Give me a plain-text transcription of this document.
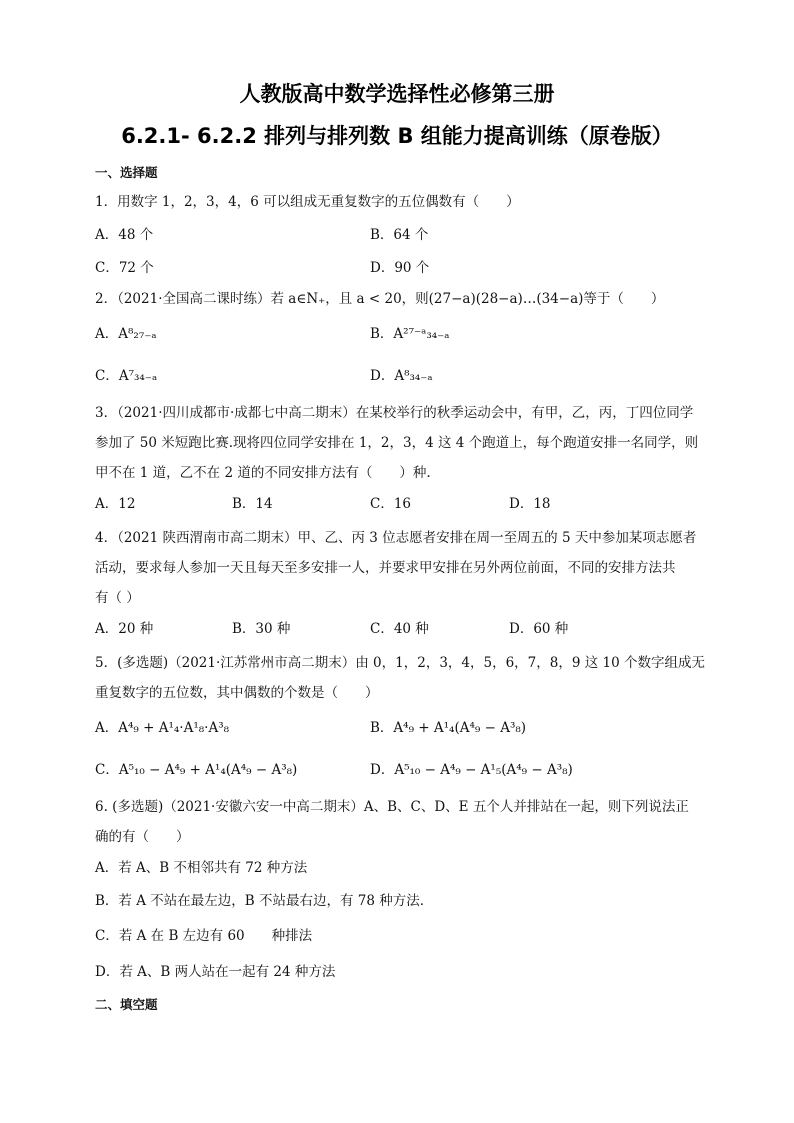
人教版高中数学选择性必修第三册
6.2.1- 6.2.2 排列与排列数 B 组能力提高训练（原卷版）
一、选择题
1．用数字 1，2，3，4，6 可以组成无重复数字的五位偶数有（　　）
A．48 个	B．64 个
C．72 个	D．90 个
2．（2021·全国高二课时练）若 a∈N₊，且 a < 20，则(27−a)(28−a)…(34−a)等于（　　）
A．A⁸₂₇₋ₐ	B．A²⁷⁻ᵃ₃₄₋ₐ
C．A⁷₃₄₋ₐ	D．A⁸₃₄₋ₐ
3．（2021·四川成都市·成都七中高二期末）在某校举行的秋季运动会中，有甲，乙，丙，丁四位同学
参加了 50 米短跑比赛.现将四位同学安排在 1，2，3，4 这 4 个跑道上，每个跑道安排一名同学，则
甲不在 1 道，乙不在 2 道的不同安排方法有（　　）种.
A．12	B．14	C．16	D．18
4．（2021 陕西渭南市高二期末）甲、乙、丙 3 位志愿者安排在周一至周五的 5 天中参加某项志愿者
活动，要求每人参加一天且每天至多安排一人，并要求甲安排在另外两位前面，不同的安排方法共
有（ ）
A．20 种	B．30 种	C．40 种	D．60 种
5．(多选题)（2021·江苏常州市高二期末）由 0，1，2，3，4，5，6，7，8，9 这 10 个数字组成无
重复数字的五位数，其中偶数的个数是（　　）
A．A⁴₉ + A¹₄·A¹₈·A³₈	B．A⁴₉ + A¹₄(A⁴₉ − A³₈)
C．A⁵₁₀ − A⁴₉ + A¹₄(A⁴₉ − A³₈)	D．A⁵₁₀ − A⁴₉ − A¹₅(A⁴₉ − A³₈)
6. (多选题)（2021·安徽六安一中高二期末）A、B、C、D、E 五个人并排站在一起，则下列说法正
确的有（　　）
A．若 A、B 不相邻共有 72 种方法
B．若 A 不站在最左边，B 不站最右边，有 78 种方法．
C．若 A 在 B 左边有 60　　种排法
D．若 A、B 两人站在一起有 24 种方法
二、填空题
